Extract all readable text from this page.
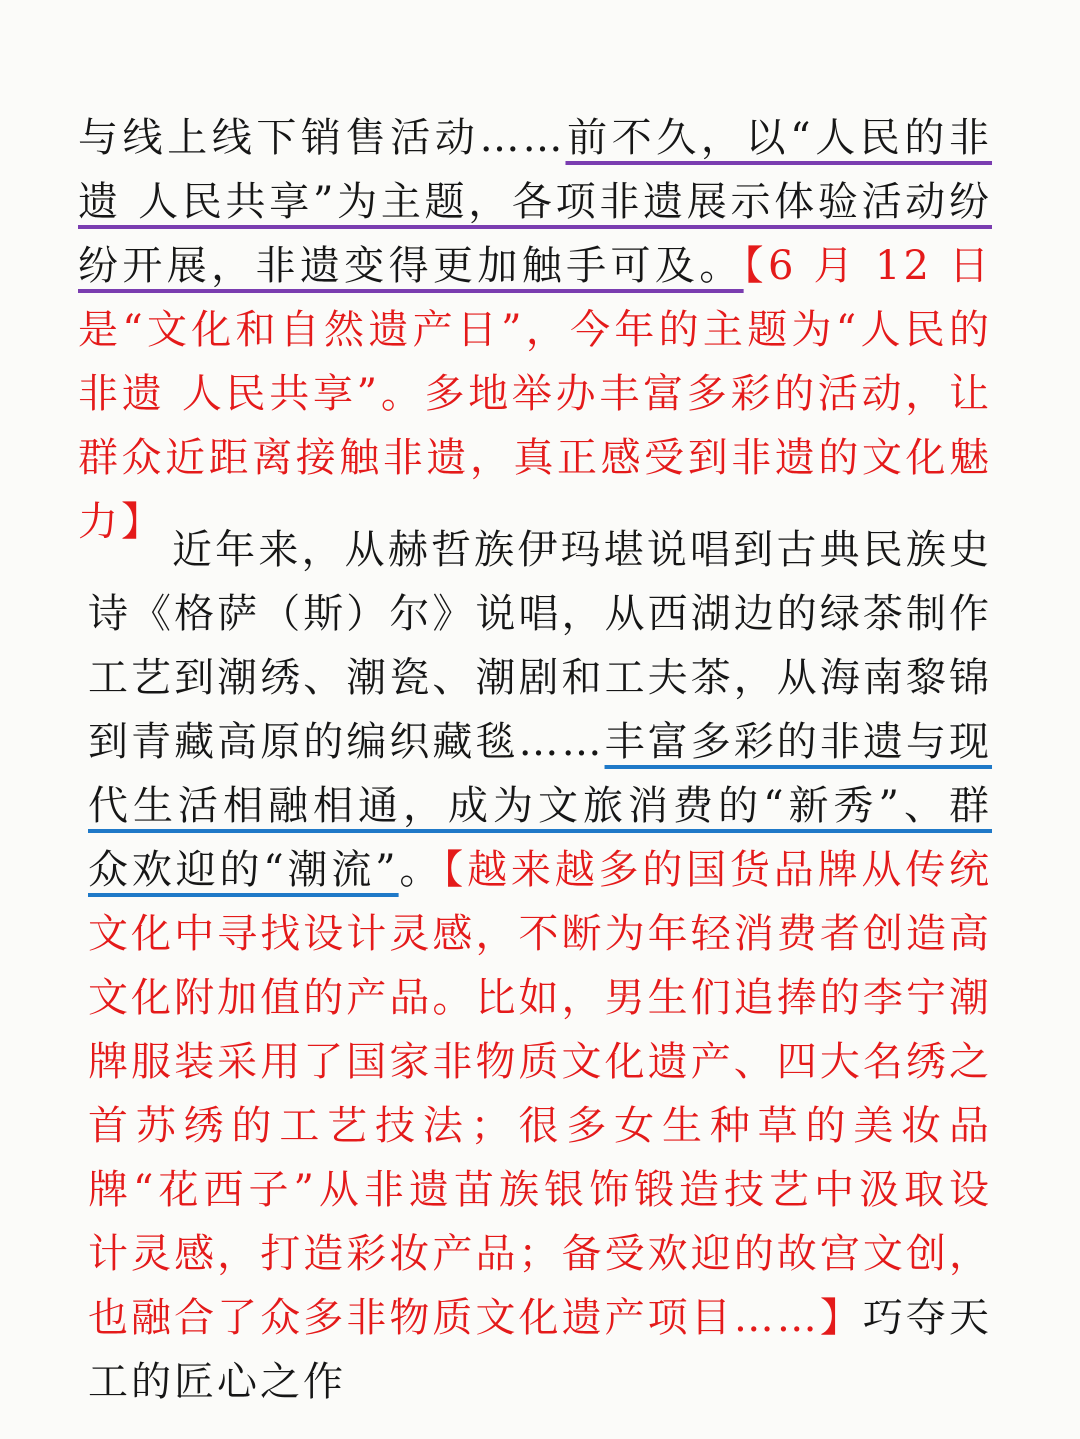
与线上线下销售活动……前不久，以“人民的非遗 人民共享”为主题，各项非遗展示体验活动纷纷开展，非遗变得更加触手可及。【6 月 12 日是“文化和自然遗产日”，今年的主题为“人民的非遗 人民共享”。多地举办丰富多彩的活动，让群众近距离接触非遗，真正感受到非遗的文化魅力】

近年来，从赫哲族伊玛堪说唱到古典民族史诗《格萨（斯）尔》说唱，从西湖边的绿茶制作工艺到潮绣、潮瓷、潮剧和工夫茶，从海南黎锦到青藏高原的编织藏毯……丰富多彩的非遗与现代生活相融相通，成为文旅消费的“新秀”、群众欢迎的“潮流”。【越来越多的国货品牌从传统文化中寻找设计灵感，不断为年轻消费者创造高文化附加值的产品。比如，男生们追捧的李宁潮牌服装采用了国家非物质文化遗产、四大名绣之首苏绣的工艺技法；很多女生种草的美妆品牌“花西子”从非遗苗族银饰锻造技艺中汲取设计灵感，打造彩妆产品；备受欢迎的故宫文创，也融合了众多非物质文化遗产项目……】巧夺天工的匠心之作
